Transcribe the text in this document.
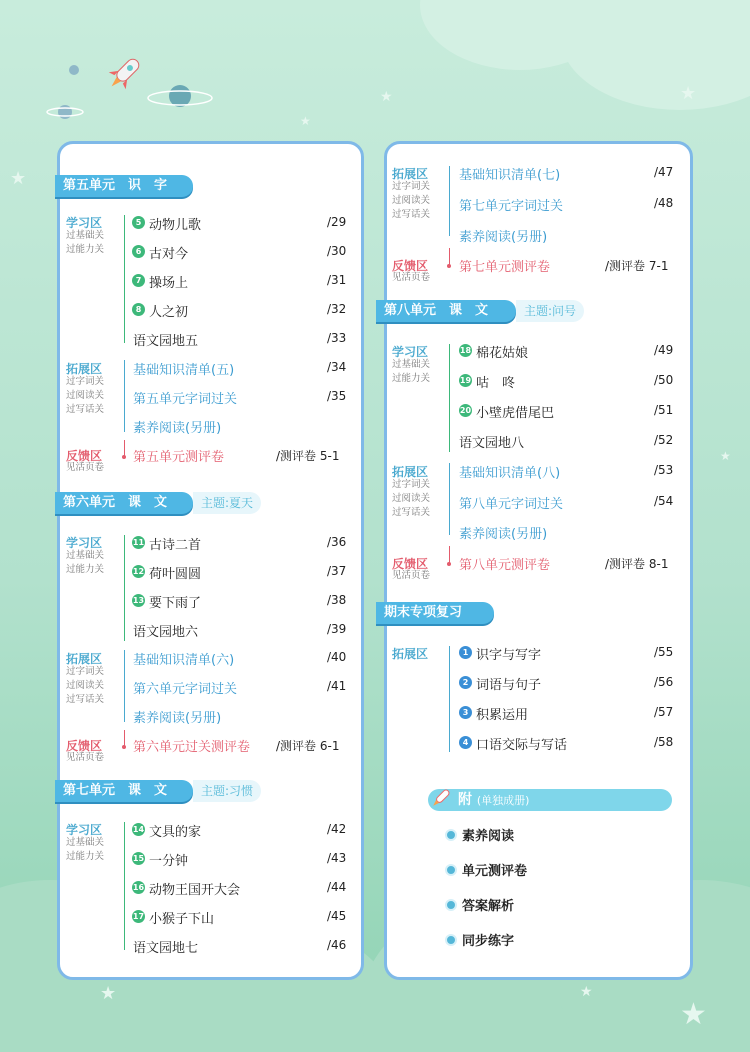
★
★
★
★
★	★
★
★
第五单元　识　字
学习区
过基础关
过能力关
5 动物儿歌	/29
6 古对今	/30
7 操场上	/31
8 人之初	/32
语文园地五	/33
拓展区
过字词关
过阅读关
过写话关
基础知识清单(五)	/34
第五单元字词过关	/35
素养阅读(另册)
反馈区
见活页卷
第五单元测评卷	/测评卷 5-1
第六单元　课　文	主题:夏天
学习区
过基础关
过能力关
11 古诗二首	/36
12 荷叶圆圆	/37
13 要下雨了	/38
语文园地六	/39
拓展区
过字词关
过阅读关
过写话关
基础知识清单(六)	/40
第六单元字词过关	/41
素养阅读(另册)
反馈区
见活页卷
第六单元过关测评卷 /测评卷 6-1
第七单元　课　文	主题:习惯
学习区
过基础关
过能力关
14 文具的家	/42
15 一分钟	/43
16 动物王国开大会	/44
17 小猴子下山	/45
语文园地七	/46
拓展区
过字词关
过阅读关
过写话关
基础知识清单(七)	/47
第七单元字词过关	/48
素养阅读(另册)
反馈区
见活页卷
第七单元测评卷	/测评卷 7-1
第八单元　课　文	主题:问号
学习区
过基础关
过能力关
18 棉花姑娘	/49
19 咕　咚	/50
20 小壁虎借尾巴	/51
语文园地八	/52
拓展区
过字词关
过阅读关
过写话关
基础知识清单(八)	/53
第八单元字词过关	/54
素养阅读(另册)
反馈区
见活页卷
第八单元测评卷	/测评卷 8-1
期末专项复习
拓展区	1 识字与写字	/55
2 词语与句子	/56
3 积累运用	/57
4 口语交际与写话	/58
附 (单独成册)
素养阅读
单元测评卷
答案解析
同步练字
